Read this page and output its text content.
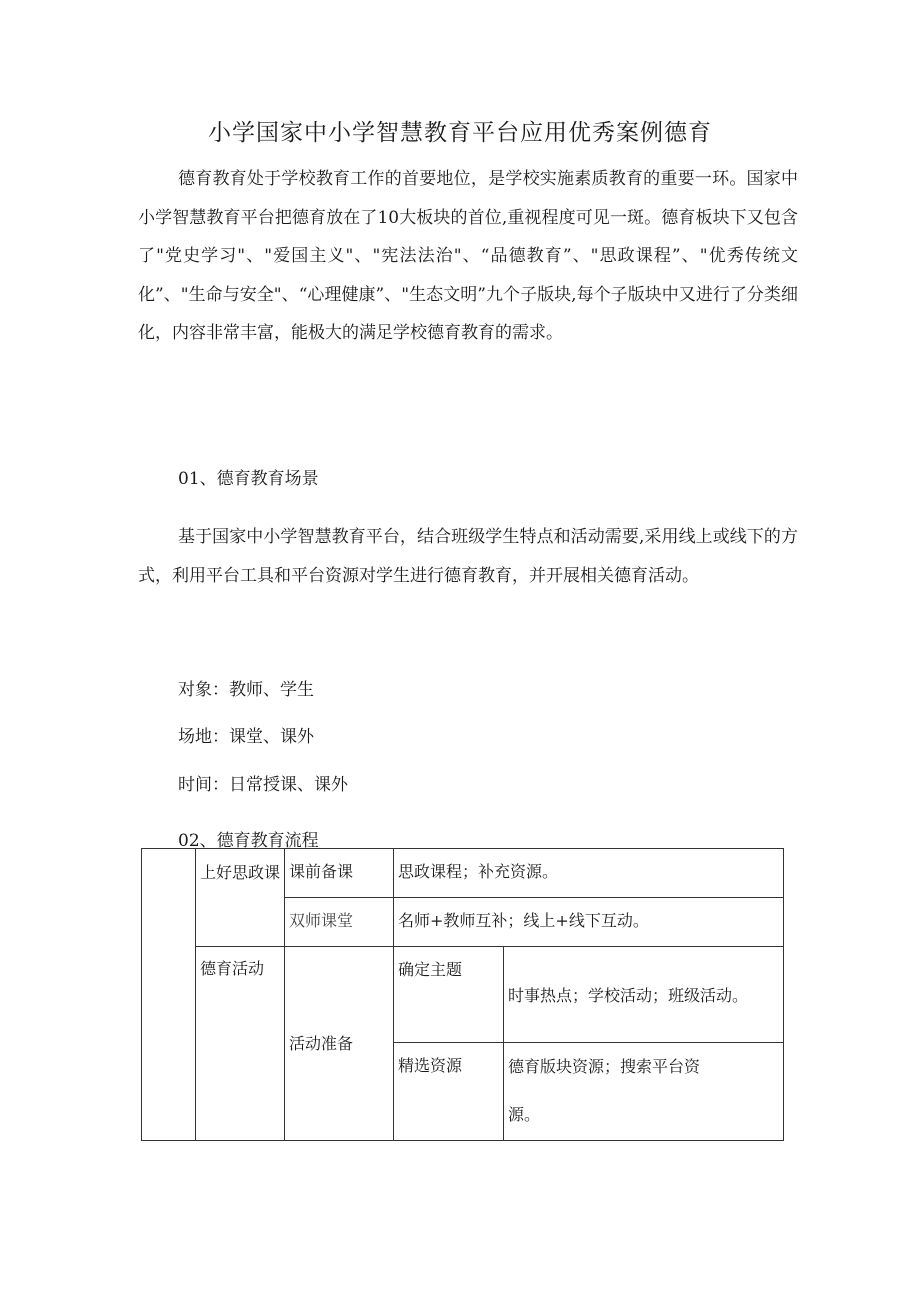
小学国家中小学智慧教育平台应用优秀案例德育
德育教育处于学校教育工作的首要地位，是学校实施素质教育的重要一环。国家中小学智慧教育平台把德育放在了10大板块的首位,重视程度可见一斑。德育板块下又包含了"党史学习"、"爱国主义"、"宪法法治"、“品德教育”、"思政课程”、"优秀传统文化”、"生命与安全"、“心理健康”、"生态文明”九个子版块,每个子版块中又进行了分类细化，内容非常丰富，能极大的满足学校德育教育的需求。
01、德育教育场景
基于国家中小学智慧教育平台，结合班级学生特点和活动需要,采用线上或线下的方式，利用平台工具和平台资源对学生进行德育教育，并开展相关德育活动。
对象：教师、学生
场地：课堂、课外
时间：日常授课、课外
02、德育教育流程
	上好思政课	课前备课	思政课程；补充资源。	
		双师课堂	名师+教师互补；线上+线下互动。	
	德育活动	活动准备	确定主题	时事热点；学校活动；班级活动。
			精选资源	德育版块资源；搜索平台资源。
